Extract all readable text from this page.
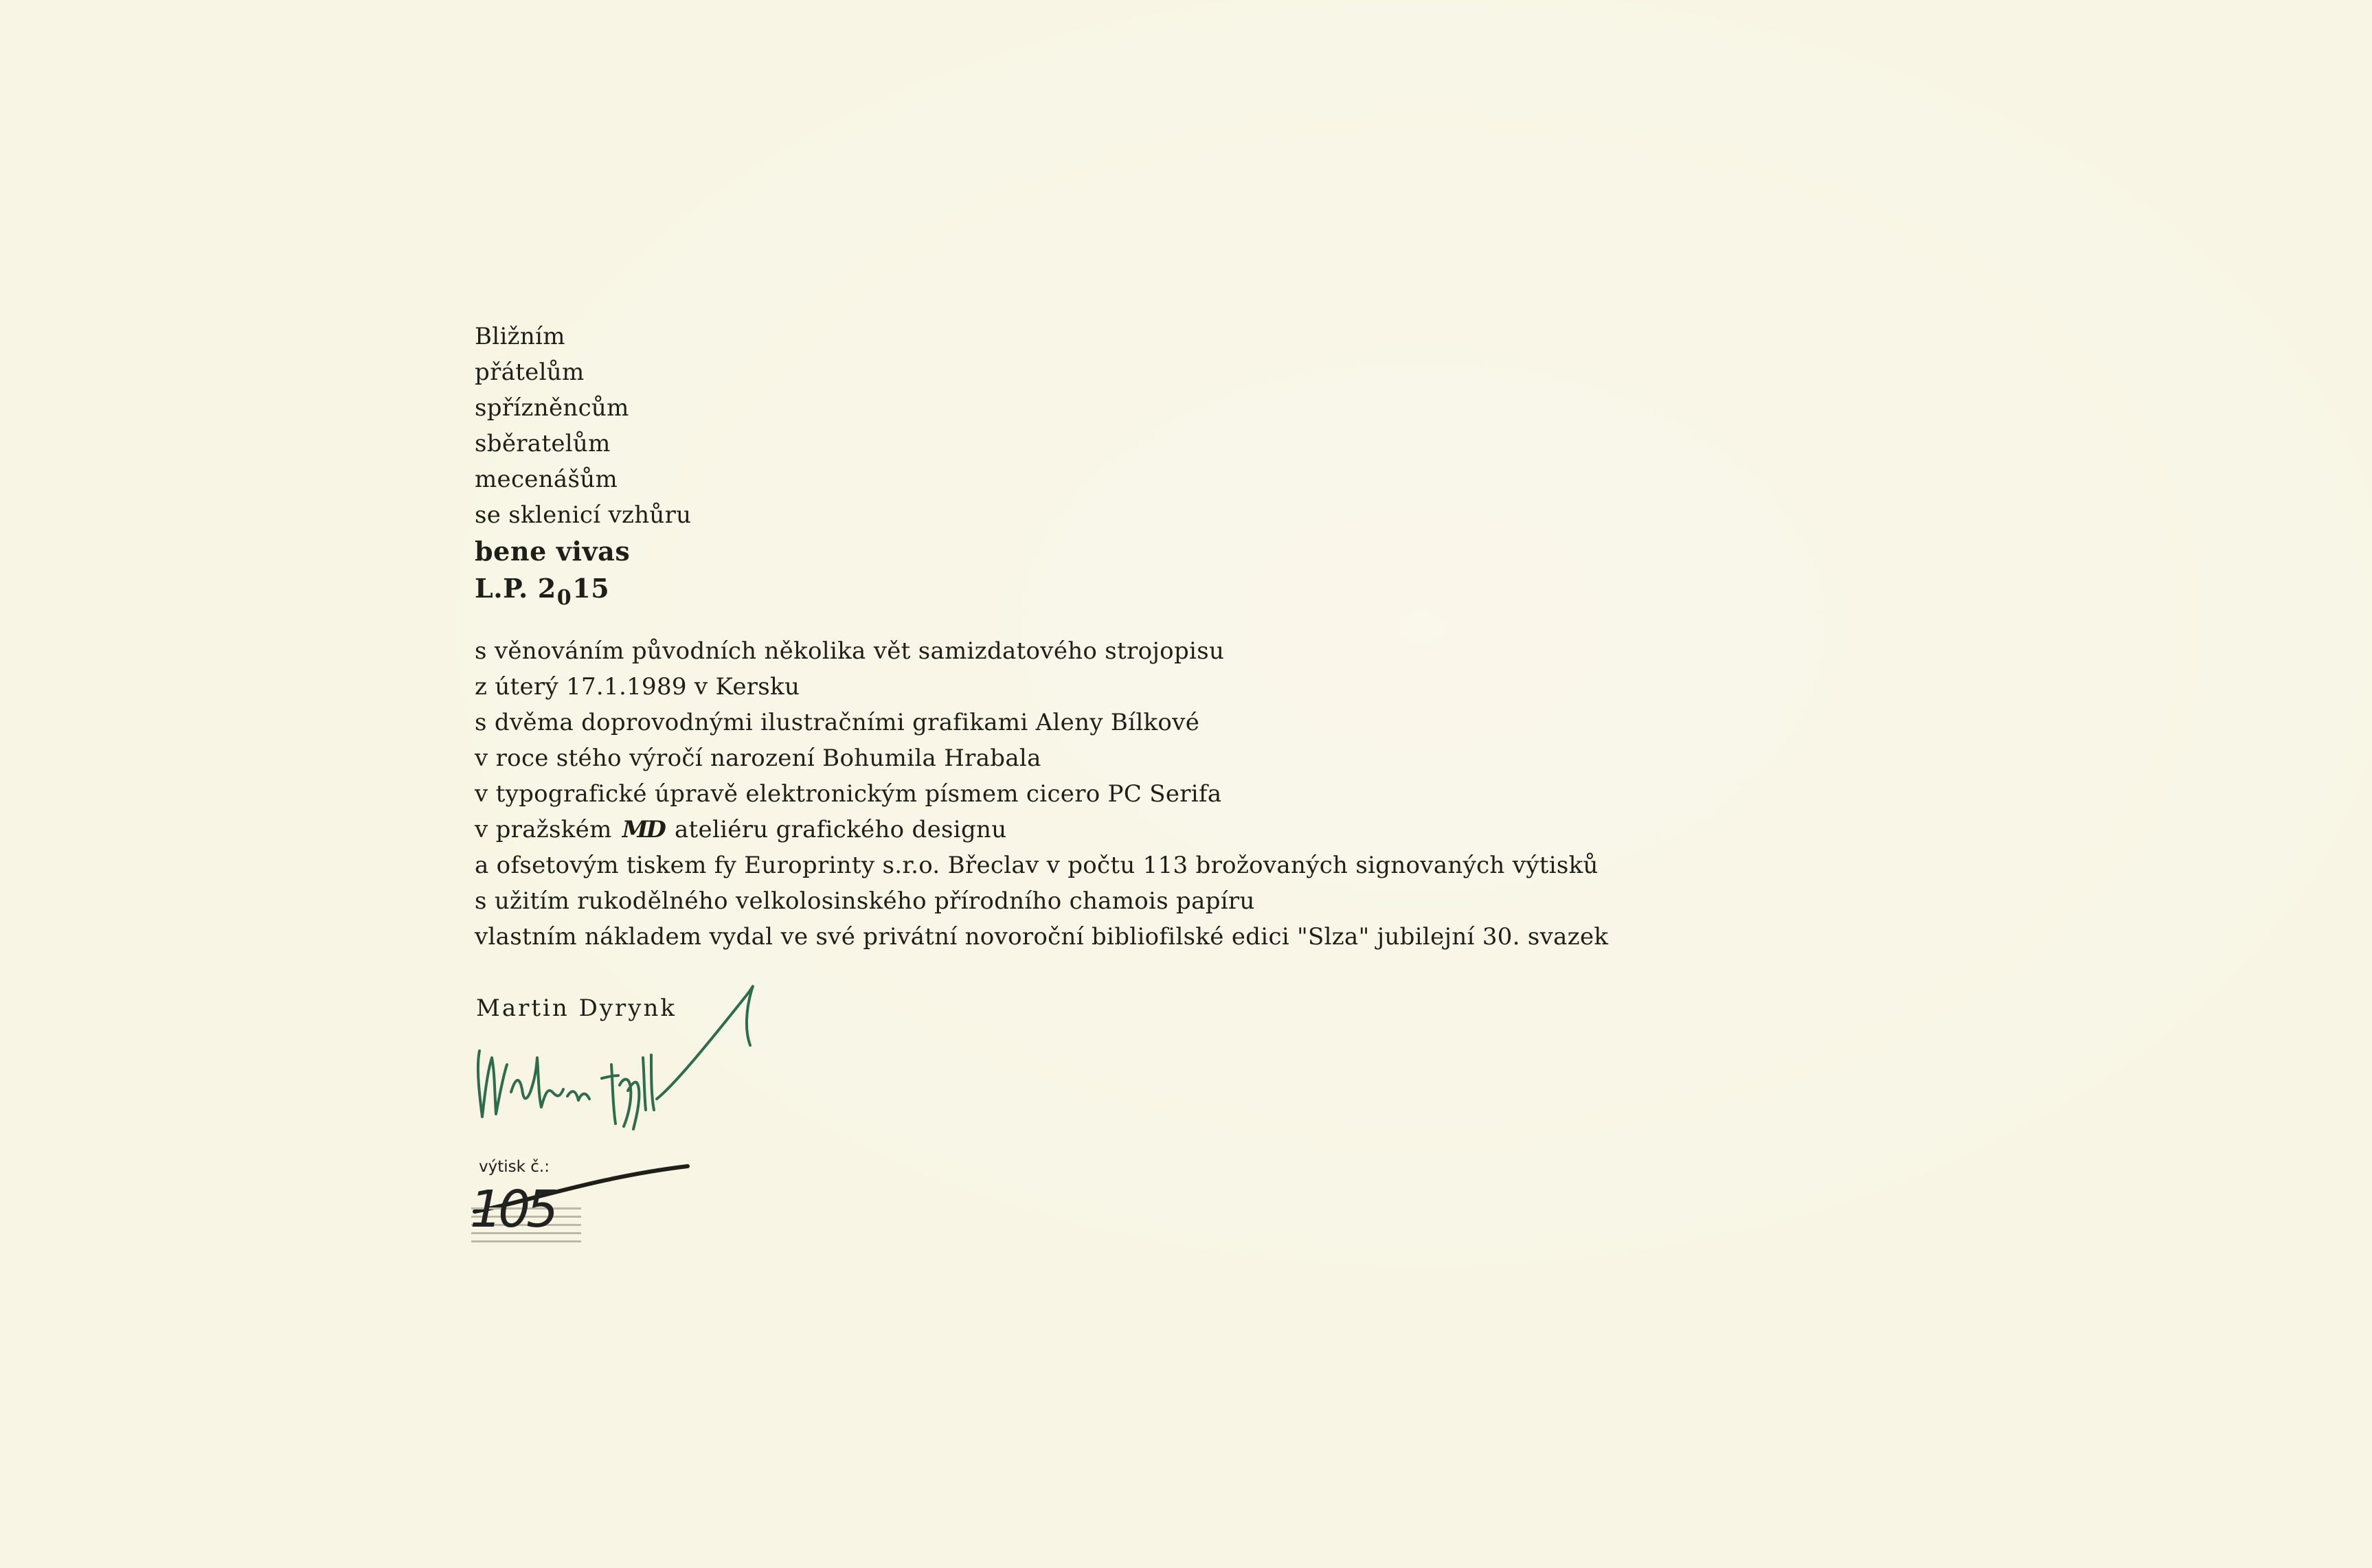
Bližním
přátelům
spřízněncům
sběratelům
mecenášům
se sklenicí vzhůru
bene vivas
L.P. $2_015$
s věnováním původních několika vět samizdatového strojopisu
z úterý 17.1.1989 v Kersku
s dvěma doprovodnými ilustračními grafikami Aleny Bílkové
v roce stého výročí narození Bohumila Hrabala
v typografické úpravě elektronickým písmem cicero PC Serifa
v pražském MD ateliéru grafického designu
a ofsetovým tiskem fy Europrinty s.r.o. Břeclav v počtu 113 brožovaných signovaných výtisků
s užitím rukodělného velkolosinského přírodního chamois papíru
vlastním nákladem vydal ve své privátní novoroční bibliofilské edici "Slza" jubilejní 30. svazek
Martin Dyrynk
výtisk č.:
105
